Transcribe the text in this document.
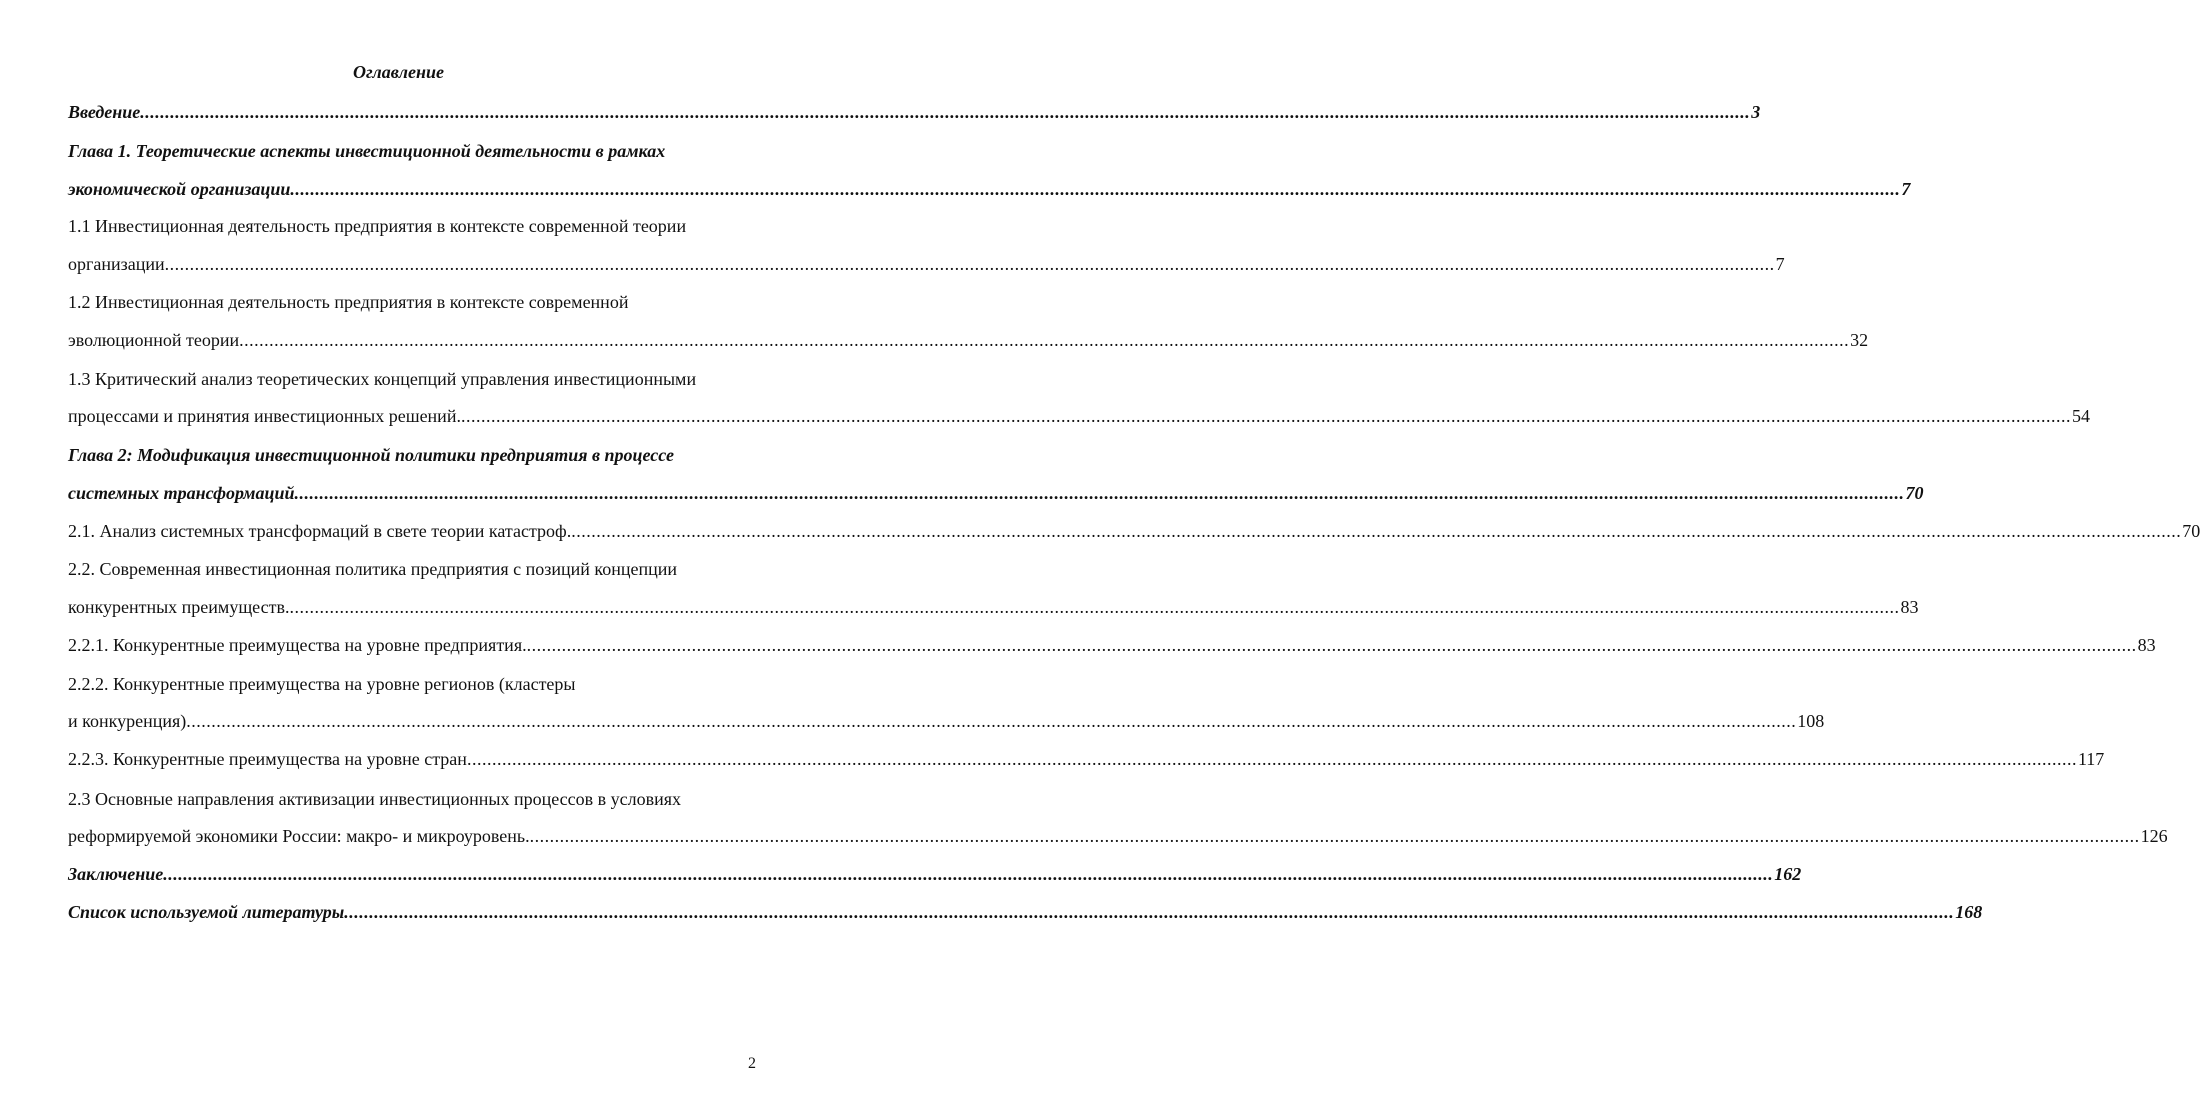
Оглавление
Введение .................................................................................................................................................................................................................................................................................................................................. 3
Глава 1. Теоретические аспекты инвестиционной деятельности в рамках
экономической организации .................................................................................................................................................................................................................................................................................................................................. 7
1.1 Инвестиционная деятельность предприятия в контексте современной теории
организации .................................................................................................................................................................................................................................................................................................................................. 7
1.2 Инвестиционная деятельность предприятия в контексте современной
эволюционной теории .................................................................................................................................................................................................................................................................................................................................. 32
1.3 Критический анализ теоретических концепций управления инвестиционными
процессами и принятия инвестиционных решений. .................................................................................................................................................................................................................................................................................................................................. 54
Глава 2: Модификация инвестиционной политики предприятия в процессе
системных трансформаций .................................................................................................................................................................................................................................................................................................................................. 70
2.1. Анализ системных трансформаций в свете теории катастроф. .................................................................................................................................................................................................................................................................................................................................. 70
2.2. Современная инвестиционная политика предприятия с позиций концепции
конкурентных преимуществ. .................................................................................................................................................................................................................................................................................................................................. 83
2.2.1. Конкурентные преимущества на уровне предприятия. .................................................................................................................................................................................................................................................................................................................................. 83
2.2.2. Конкурентные преимущества на уровне регионов (кластеры
и конкуренция) .................................................................................................................................................................................................................................................................................................................................. 108
2.2.3. Конкурентные преимущества на уровне стран .................................................................................................................................................................................................................................................................................................................................. 117
2.3 Основные направления активизации инвестиционных процессов в условиях
реформируемой экономики России: макро- и микроуровень. .................................................................................................................................................................................................................................................................................................................................. 126
Заключение .................................................................................................................................................................................................................................................................................................................................. 162
Список используемой литературы .................................................................................................................................................................................................................................................................................................................................. 168
2
